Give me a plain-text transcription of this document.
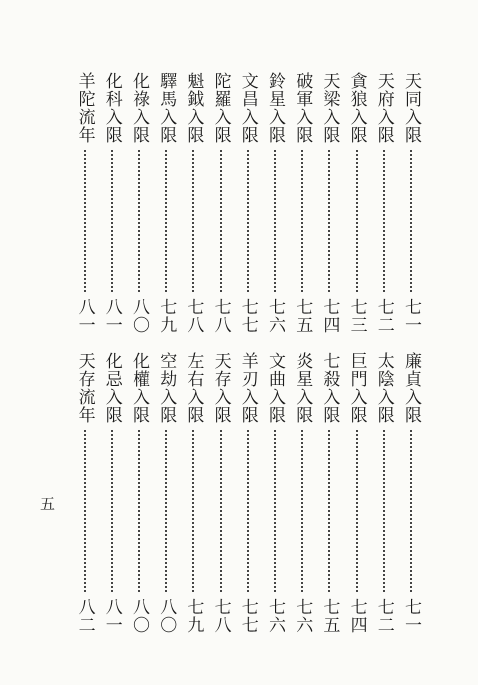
天同入限
七一
天府入限
七二
貪狼入限
七三
天梁入限
七四
破軍入限
七五
鈴星入限
七六
文昌入限
七七
陀羅入限
七八
魁鉞入限
七八
驛馬入限
七九
化祿入限
八〇
化科入限
八一
羊陀流年
八一
廉貞入限
七一
太陰入限
七二
巨門入限
七四
七殺入限
七五
炎星入限
七六
文曲入限
七六
羊刃入限
七七
天存入限
七八
左右入限
七九
空劫入限
八〇
化權入限
八〇
化忌入限
八一
天存流年
八二
五
